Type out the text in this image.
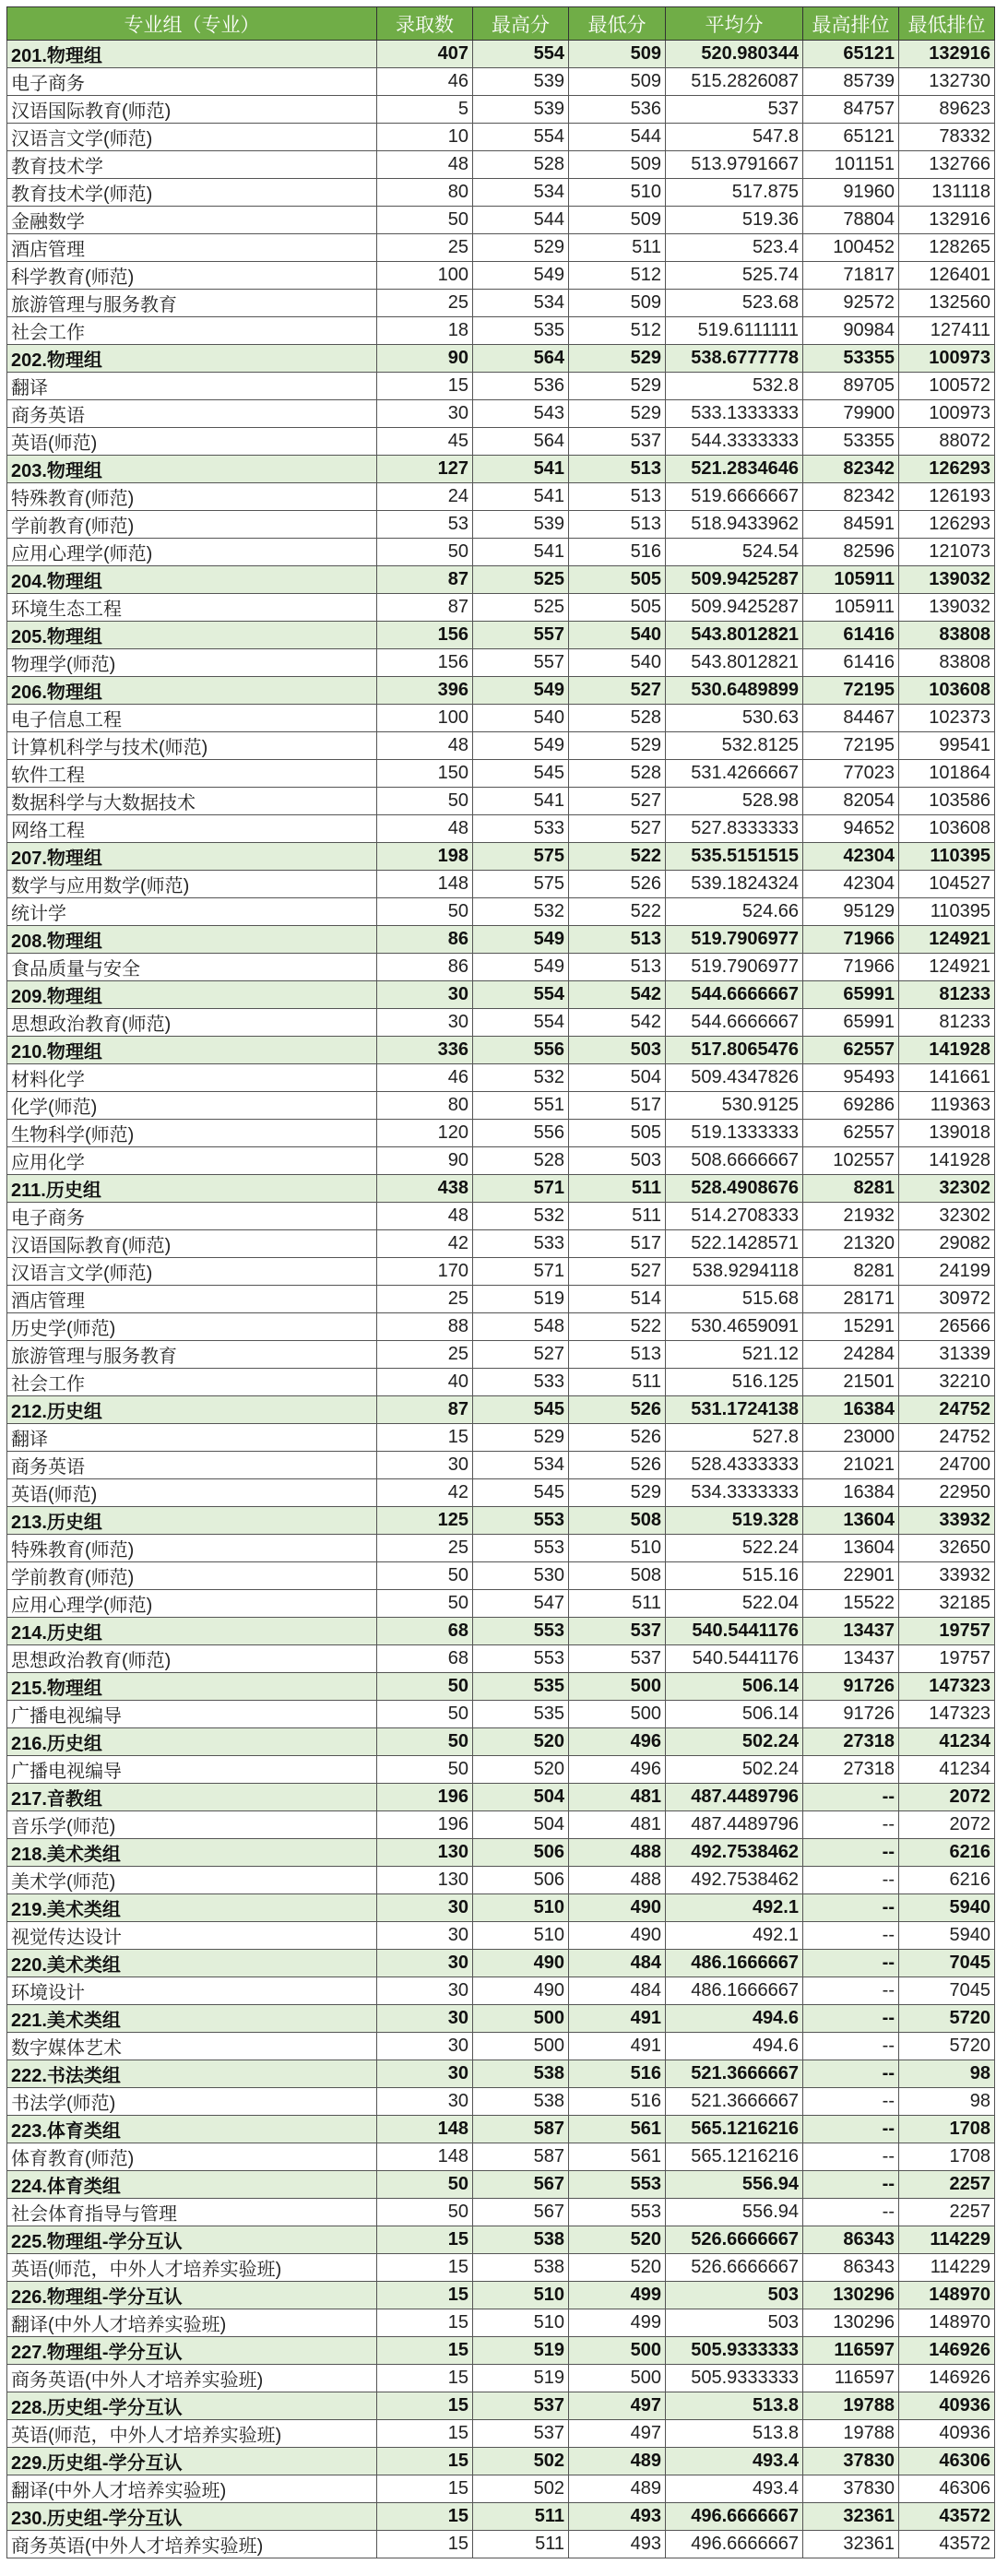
专业组（专业）	录取数	最高分	最低分	平均分	最高排位	最低排位
201.物理组	407	554	509	520.980344	65121	132916
电子商务	46	539	509	515.2826087	85739	132730
汉语国际教育(师范)	5	539	536	537	84757	89623
汉语言文学(师范)	10	554	544	547.8	65121	78332
教育技术学	48	528	509	513.9791667	101151	132766
教育技术学(师范)	80	534	510	517.875	91960	131118
金融数学	50	544	509	519.36	78804	132916
酒店管理	25	529	511	523.4	100452	128265
科学教育(师范)	100	549	512	525.74	71817	126401
旅游管理与服务教育	25	534	509	523.68	92572	132560
社会工作	18	535	512	519.6111111	90984	127411
202.物理组	90	564	529	538.6777778	53355	100973
翻译	15	536	529	532.8	89705	100572
商务英语	30	543	529	533.1333333	79900	100973
英语(师范)	45	564	537	544.3333333	53355	88072
203.物理组	127	541	513	521.2834646	82342	126293
特殊教育(师范)	24	541	513	519.6666667	82342	126193
学前教育(师范)	53	539	513	518.9433962	84591	126293
应用心理学(师范)	50	541	516	524.54	82596	121073
204.物理组	87	525	505	509.9425287	105911	139032
环境生态工程	87	525	505	509.9425287	105911	139032
205.物理组	156	557	540	543.8012821	61416	83808
物理学(师范)	156	557	540	543.8012821	61416	83808
206.物理组	396	549	527	530.6489899	72195	103608
电子信息工程	100	540	528	530.63	84467	102373
计算机科学与技术(师范)	48	549	529	532.8125	72195	99541
软件工程	150	545	528	531.4266667	77023	101864
数据科学与大数据技术	50	541	527	528.98	82054	103586
网络工程	48	533	527	527.8333333	94652	103608
207.物理组	198	575	522	535.5151515	42304	110395
数学与应用数学(师范)	148	575	526	539.1824324	42304	104527
统计学	50	532	522	524.66	95129	110395
208.物理组	86	549	513	519.7906977	71966	124921
食品质量与安全	86	549	513	519.7906977	71966	124921
209.物理组	30	554	542	544.6666667	65991	81233
思想政治教育(师范)	30	554	542	544.6666667	65991	81233
210.物理组	336	556	503	517.8065476	62557	141928
材料化学	46	532	504	509.4347826	95493	141661
化学(师范)	80	551	517	530.9125	69286	119363
生物科学(师范)	120	556	505	519.1333333	62557	139018
应用化学	90	528	503	508.6666667	102557	141928
211.历史组	438	571	511	528.4908676	8281	32302
电子商务	48	532	511	514.2708333	21932	32302
汉语国际教育(师范)	42	533	517	522.1428571	21320	29082
汉语言文学(师范)	170	571	527	538.9294118	8281	24199
酒店管理	25	519	514	515.68	28171	30972
历史学(师范)	88	548	522	530.4659091	15291	26566
旅游管理与服务教育	25	527	513	521.12	24284	31339
社会工作	40	533	511	516.125	21501	32210
212.历史组	87	545	526	531.1724138	16384	24752
翻译	15	529	526	527.8	23000	24752
商务英语	30	534	526	528.4333333	21021	24700
英语(师范)	42	545	529	534.3333333	16384	22950
213.历史组	125	553	508	519.328	13604	33932
特殊教育(师范)	25	553	510	522.24	13604	32650
学前教育(师范)	50	530	508	515.16	22901	33932
应用心理学(师范)	50	547	511	522.04	15522	32185
214.历史组	68	553	537	540.5441176	13437	19757
思想政治教育(师范)	68	553	537	540.5441176	13437	19757
215.物理组	50	535	500	506.14	91726	147323
广播电视编导	50	535	500	506.14	91726	147323
216.历史组	50	520	496	502.24	27318	41234
广播电视编导	50	520	496	502.24	27318	41234
217.音教组	196	504	481	487.4489796	--	2072
音乐学(师范)	196	504	481	487.4489796	--	2072
218.美术类组	130	506	488	492.7538462	--	6216
美术学(师范)	130	506	488	492.7538462	--	6216
219.美术类组	30	510	490	492.1	--	5940
视觉传达设计	30	510	490	492.1	--	5940
220.美术类组	30	490	484	486.1666667	--	7045
环境设计	30	490	484	486.1666667	--	7045
221.美术类组	30	500	491	494.6	--	5720
数字媒体艺术	30	500	491	494.6	--	5720
222.书法类组	30	538	516	521.3666667	--	98
书法学(师范)	30	538	516	521.3666667	--	98
223.体育类组	148	587	561	565.1216216	--	1708
体育教育(师范)	148	587	561	565.1216216	--	1708
224.体育类组	50	567	553	556.94	--	2257
社会体育指导与管理	50	567	553	556.94	--	2257
225.物理组-学分互认	15	538	520	526.6666667	86343	114229
英语(师范，中外人才培养实验班)	15	538	520	526.6666667	86343	114229
226.物理组-学分互认	15	510	499	503	130296	148970
翻译(中外人才培养实验班)	15	510	499	503	130296	148970
227.物理组-学分互认	15	519	500	505.9333333	116597	146926
商务英语(中外人才培养实验班)	15	519	500	505.9333333	116597	146926
228.历史组-学分互认	15	537	497	513.8	19788	40936
英语(师范，中外人才培养实验班)	15	537	497	513.8	19788	40936
229.历史组-学分互认	15	502	489	493.4	37830	46306
翻译(中外人才培养实验班)	15	502	489	493.4	37830	46306
230.历史组-学分互认	15	511	493	496.6666667	32361	43572
商务英语(中外人才培养实验班)	15	511	493	496.6666667	32361	43572
